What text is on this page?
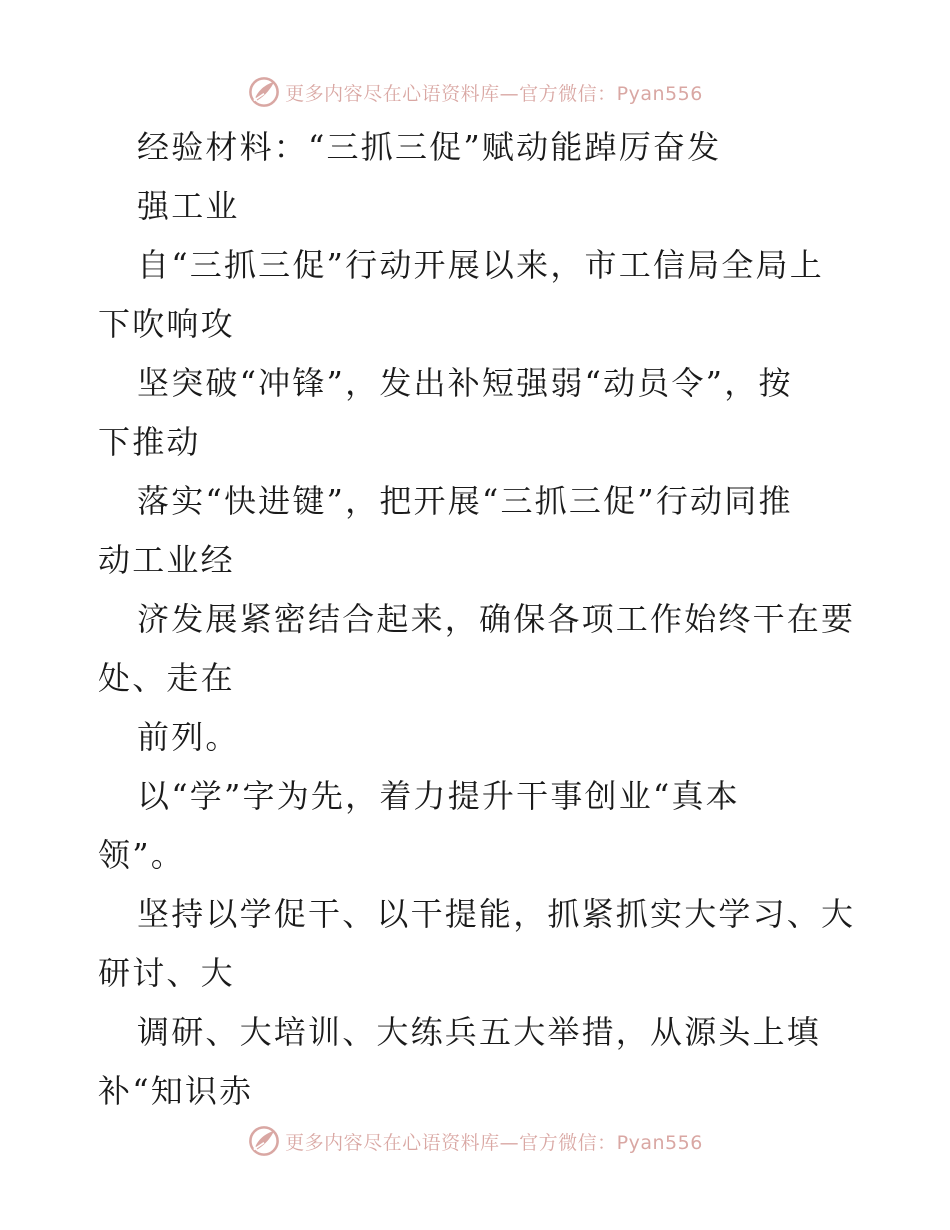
更多内容尽在心语资料库—官方微信：Pyan556
经验材料：“三抓三促”赋动能踔厉奋发
强工业
自“三抓三促”行动开展以来，市工信局全局上
下吹响攻
坚突破“冲锋”，发出补短强弱“动员令”，按
下推动
落实“快进键”，把开展“三抓三促”行动同推
动工业经
济发展紧密结合起来，确保各项工作始终干在要
处、走在
前列。
以“学”字为先，着力提升干事创业“真本
领”。
坚持以学促干、以干提能，抓紧抓实大学习、大
研讨、大
调研、大培训、大练兵五大举措，从源头上填
补“知识赤
更多内容尽在心语资料库—官方微信：Pyan556
